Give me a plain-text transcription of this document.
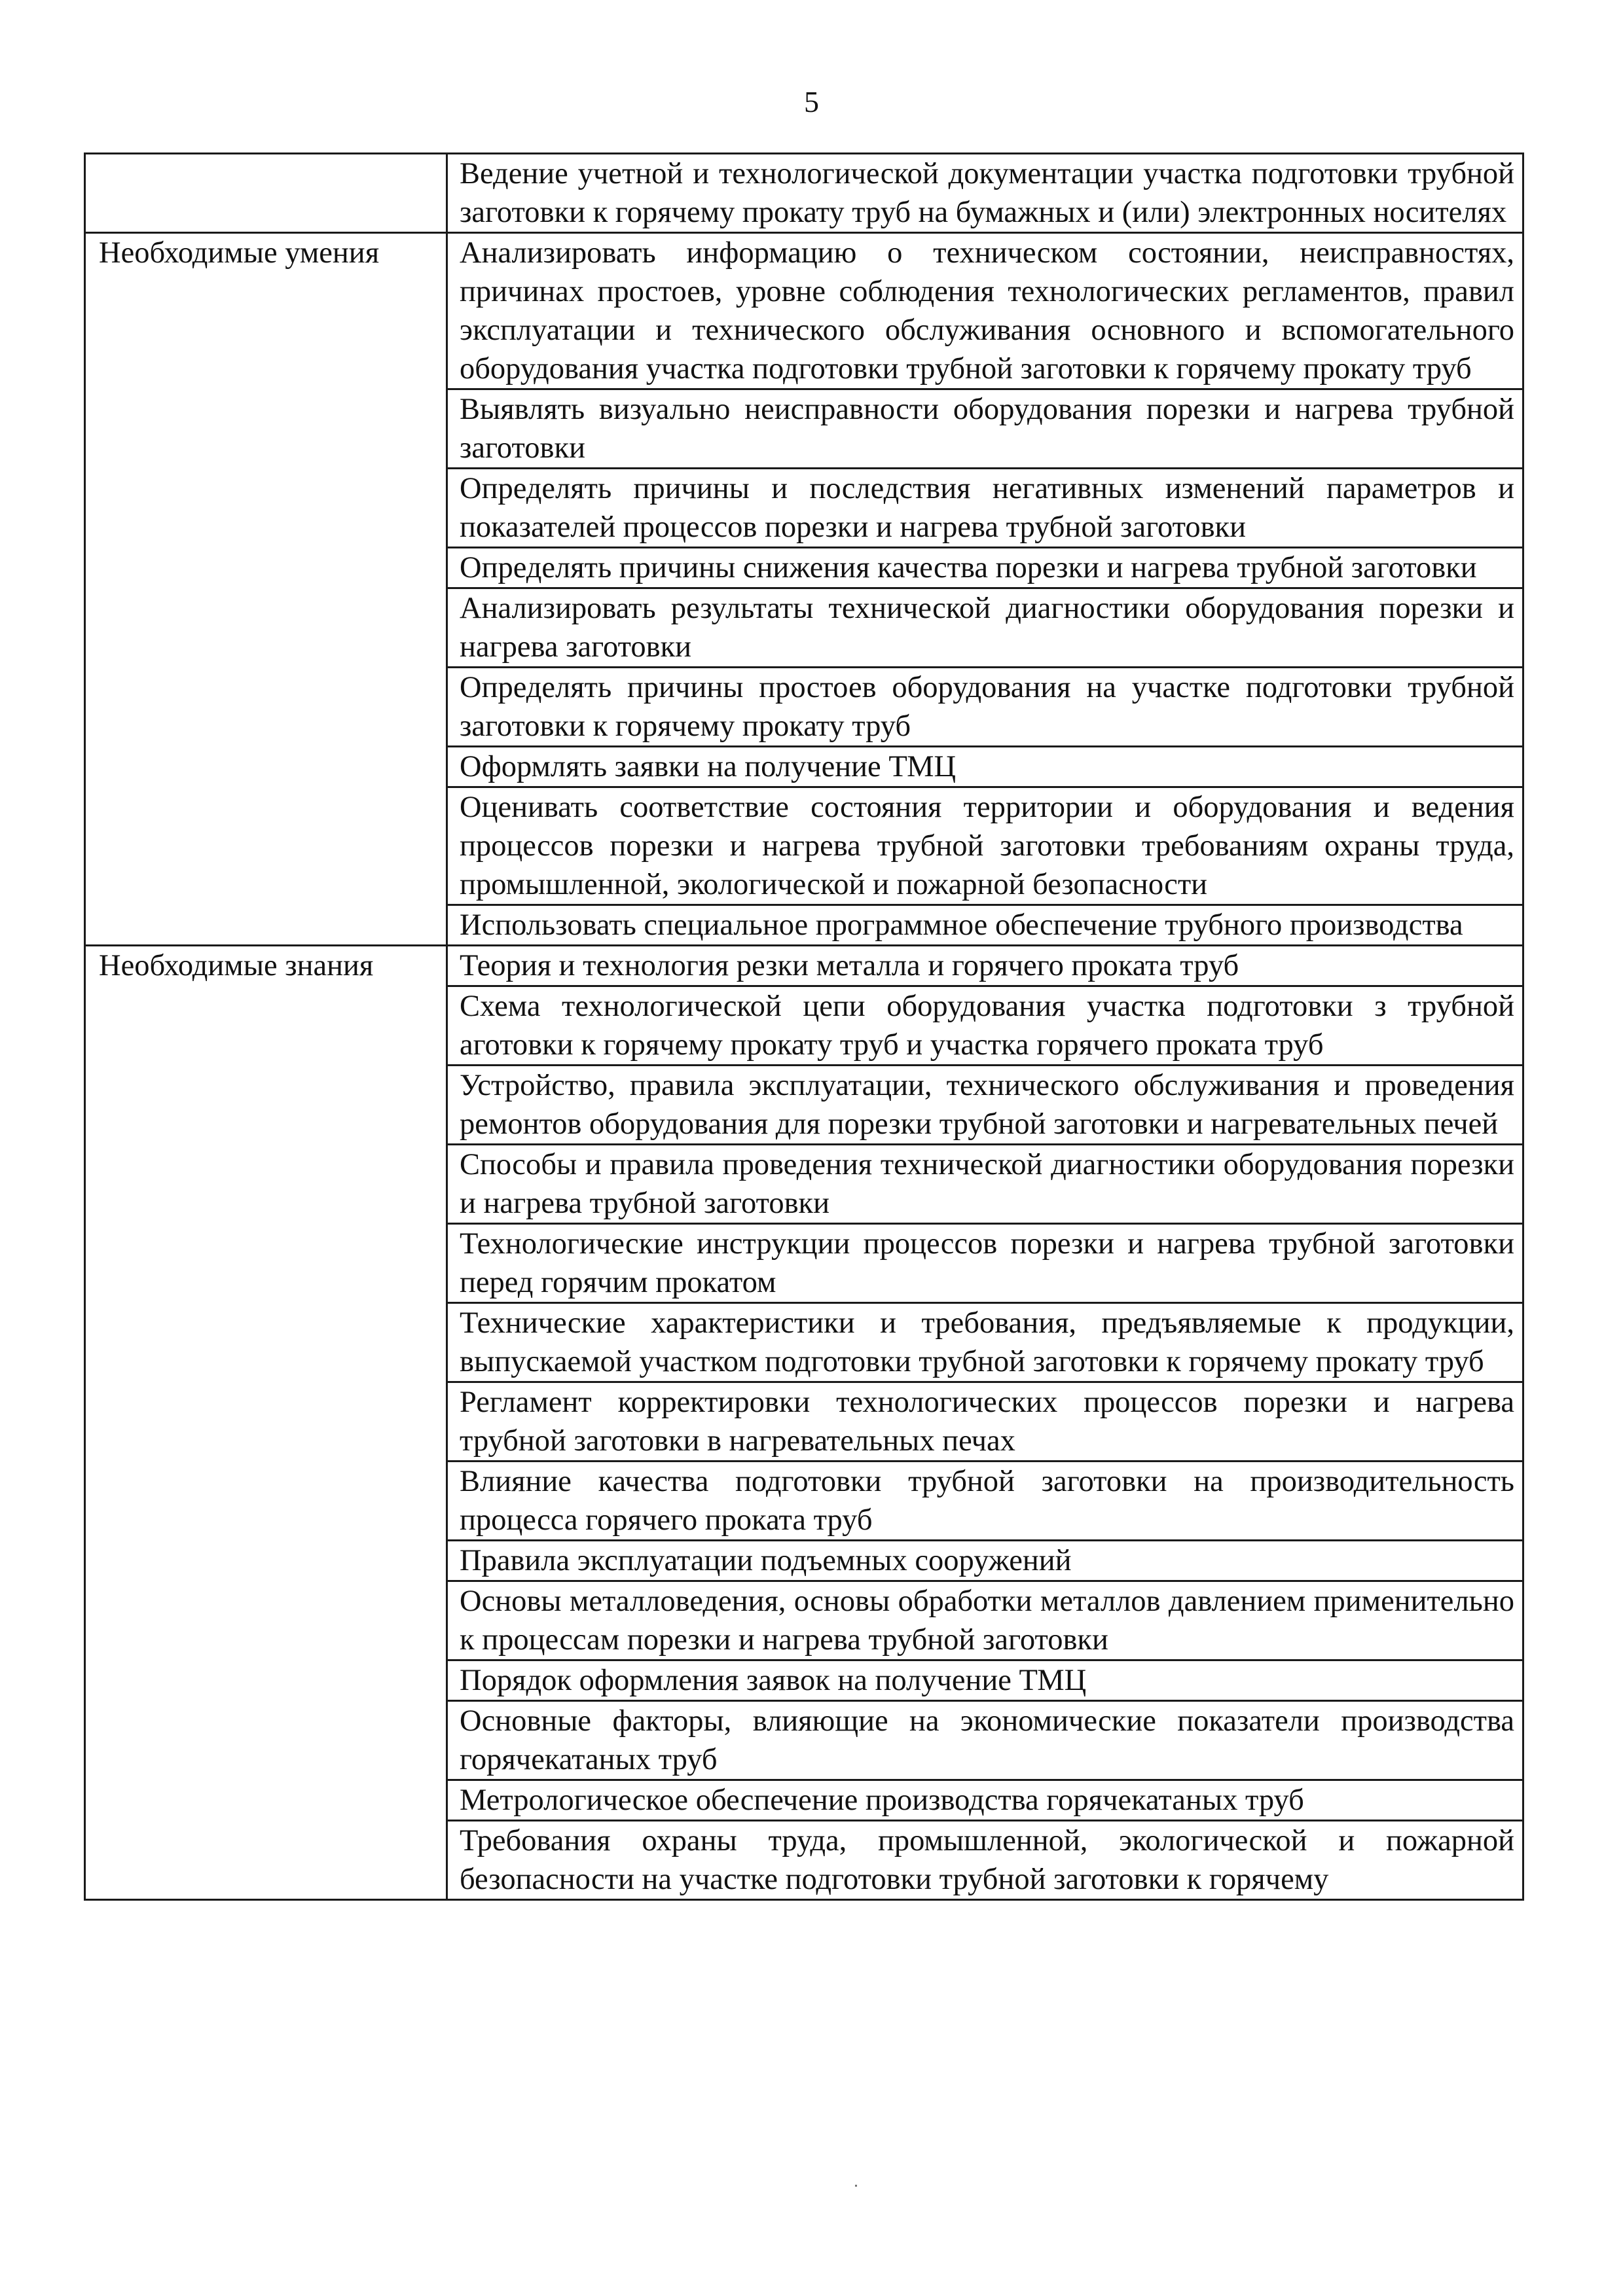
5
	Ведение учетной и технологической документации участка подготовки трубной заготовки к горячему прокату труб на бумажных и (или) электронных носителях
Необходимые умения	Анализировать информацию о техническом состоянии, неисправностях, причинах простоев, уровне соблюдения технологических регламентов, правил эксплуатации и технического обслуживания основного и вспомогательного оборудования участка подготовки трубной заготовки к горячему прокату труб
	Выявлять визуально неисправности оборудования порезки и нагрева трубной заготовки
	Определять причины и последствия негативных изменений параметров и показателей процессов порезки и нагрева трубной заготовки
	Определять причины снижения качества порезки и нагрева трубной заготовки
	Анализировать результаты технической диагностики оборудования порезки и нагрева заготовки
	Определять причины простоев оборудования на участке подготовки трубной заготовки к горячему прокату труб
	Оформлять заявки на получение ТМЦ
	Оценивать соответствие состояния территории и оборудования и ведения процессов порезки и нагрева трубной заготовки требованиям охраны труда, промышленной, экологической и пожарной безопасности
	Использовать специальное программное обеспечение трубного производства
Необходимые знания	Теория и технология резки металла и горячего проката труб
	Схема технологической цепи оборудования участка подготовки з трубной аготовки к горячему прокату труб и участка горячего проката труб
	Устройство, правила эксплуатации, технического обслуживания и проведения ремонтов оборудования для порезки трубной заготовки и нагревательных печей
	Способы и правила проведения технической диагностики оборудования порезки и нагрева трубной заготовки
	Технологические инструкции процессов порезки и нагрева трубной заготовки перед горячим прокатом
	Технические характеристики и требования, предъявляемые к продукции, выпускаемой участком подготовки трубной заготовки к горячему прокату труб
	Регламент корректировки технологических процессов порезки и нагрева трубной заготовки в нагревательных печах
	Влияние качества подготовки трубной заготовки на производительность процесса горячего проката труб
	Правила эксплуатации подъемных сооружений
	Основы металловедения, основы обработки металлов давлением применительно к процессам порезки и нагрева трубной заготовки
	Порядок оформления заявок на получение ТМЦ
	Основные факторы, влияющие на экономические показатели производства горячекатаных труб
	Метрологическое обеспечение производства горячекатаных труб
	Требования охраны труда, промышленной, экологической и пожарной безопасности на участке подготовки трубной заготовки к горячему
